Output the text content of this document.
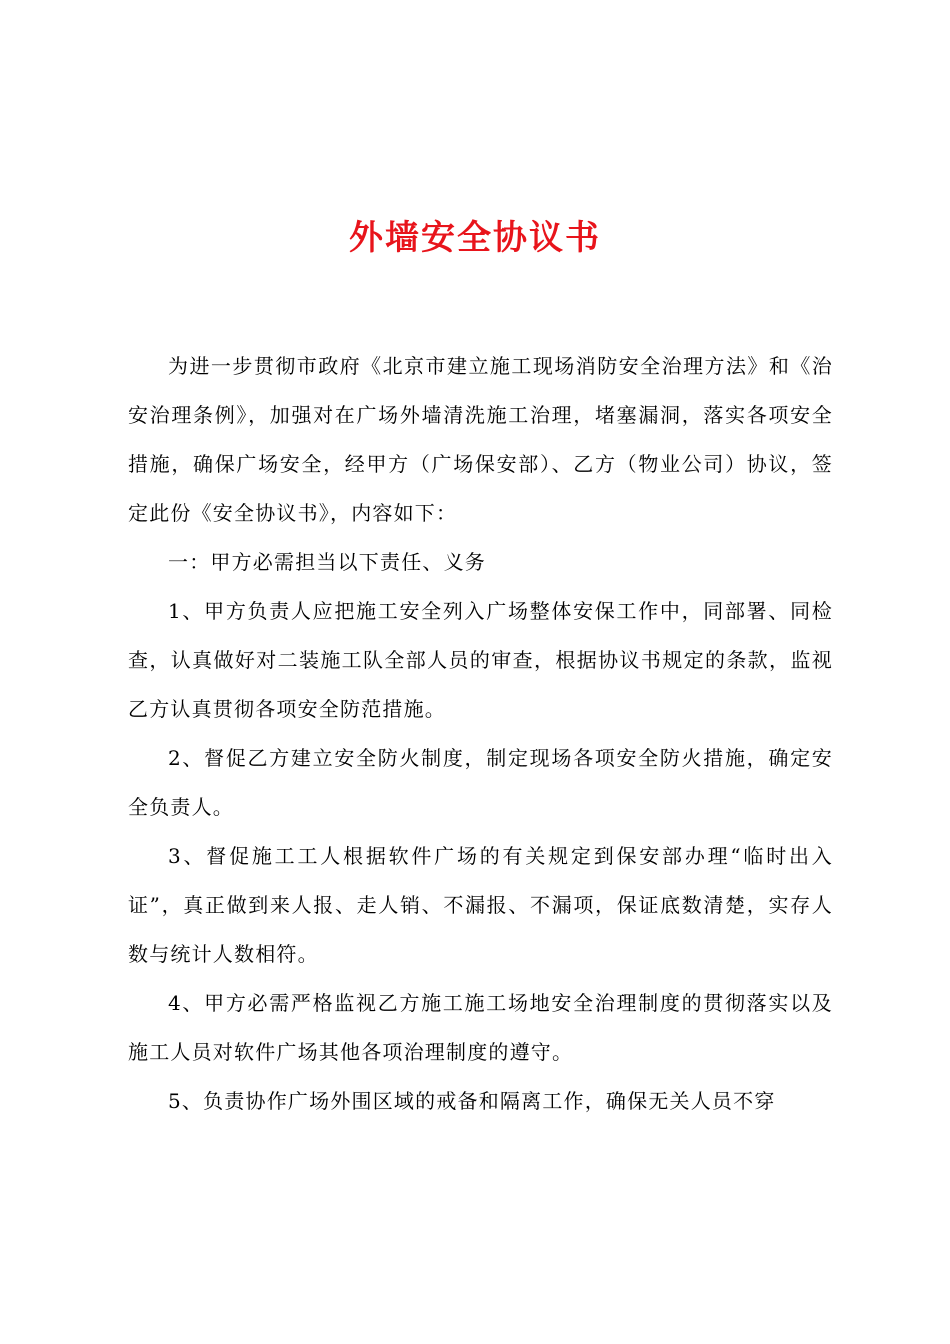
外墙安全协议书

为进一步贯彻市政府《北京市建立施工现场消防安全治理方法》和《治安治理条例》，加强对在广场外墙清洗施工治理，堵塞漏洞，落实各项安全措施，确保广场安全，经甲方（广场保安部）、乙方（物业公司）协议，签定此份《安全协议书》，内容如下：

一：甲方必需担当以下责任、义务

1、甲方负责人应把施工安全列入广场整体安保工作中，同部署、同检查，认真做好对二装施工队全部人员的审查，根据协议书规定的条款，监视乙方认真贯彻各项安全防范措施。

2、督促乙方建立安全防火制度，制定现场各项安全防火措施，确定安全负责人。

3、督促施工工人根据软件广场的有关规定到保安部办理“临时出入证”，真正做到来人报、走人销、不漏报、不漏项，保证底数清楚，实存人数与统计人数相符。

4、甲方必需严格监视乙方施工施工场地安全治理制度的贯彻落实以及施工人员对软件广场其他各项治理制度的遵守。

5、负责协作广场外围区域的戒备和隔离工作，确保无关人员不穿
